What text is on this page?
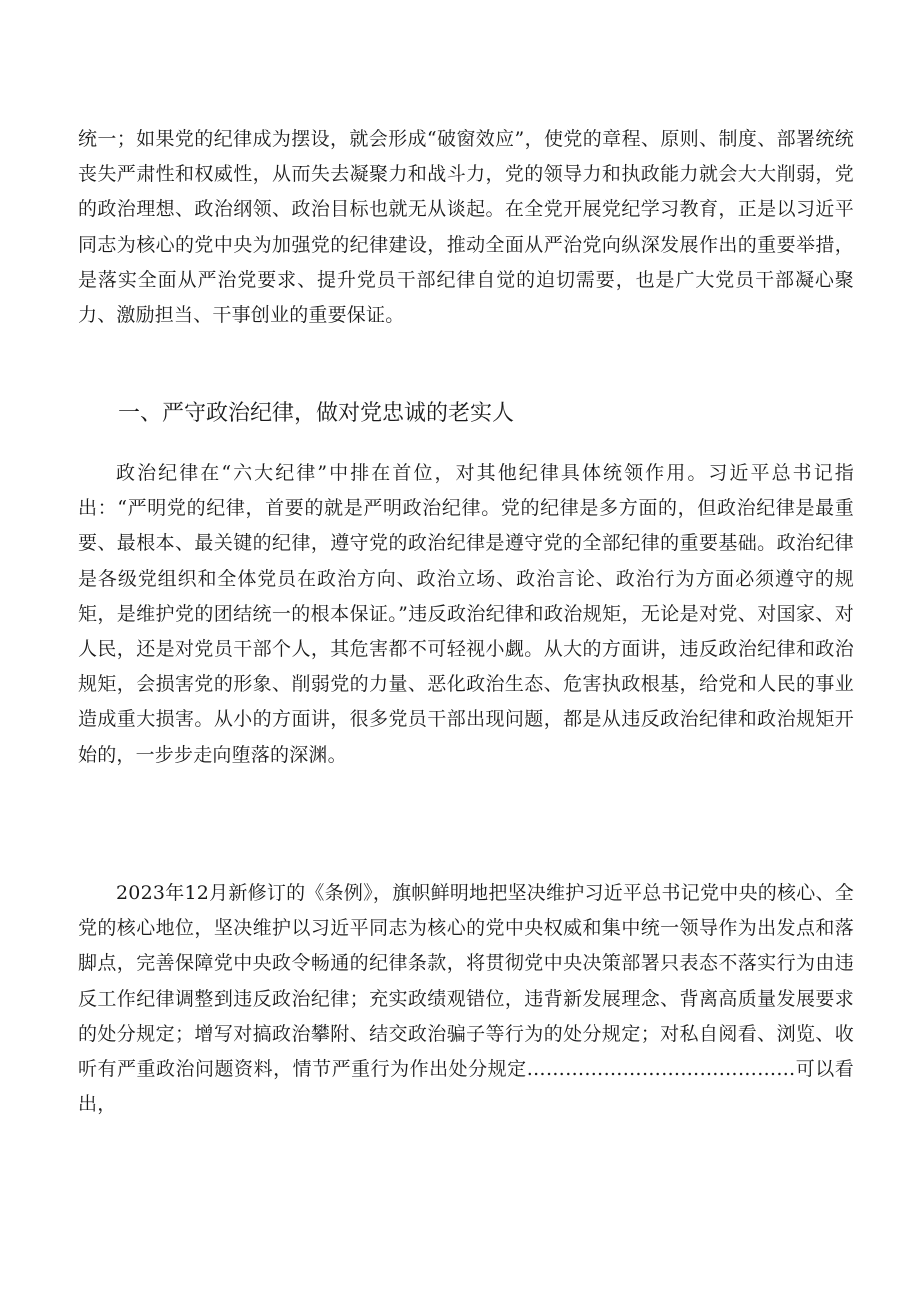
统一；如果党的纪律成为摆设，就会形成“破窗效应”，使党的章程、原则、制度、部署统统丧失严肃性和权威性，从而失去凝聚力和战斗力，党的领导力和执政能力就会大大削弱，党的政治理想、政治纲领、政治目标也就无从谈起。在全党开展党纪学习教育，正是以习近平同志为核心的党中央为加强党的纪律建设，推动全面从严治党向纵深发展作出的重要举措，是落实全面从严治党要求、提升党员干部纪律自觉的迫切需要，也是广大党员干部凝心聚力、激励担当、干事创业的重要保证。

一、严守政治纪律，做对党忠诚的老实人

政治纪律在“六大纪律”中排在首位，对其他纪律具体统领作用。习近平总书记指出：“严明党的纪律，首要的就是严明政治纪律。党的纪律是多方面的，但政治纪律是最重要、最根本、最关键的纪律，遵守党的政治纪律是遵守党的全部纪律的重要基础。政治纪律是各级党组织和全体党员在政治方向、政治立场、政治言论、政治行为方面必须遵守的规矩，是维护党的团结统一的根本保证。”违反政治纪律和政治规矩，无论是对党、对国家、对人民，还是对党员干部个人，其危害都不可轻视小觑。从大的方面讲，违反政治纪律和政治规矩，会损害党的形象、削弱党的力量、恶化政治生态、危害执政根基，给党和人民的事业造成重大损害。从小的方面讲，很多党员干部出现问题，都是从违反政治纪律和政治规矩开始的，一步步走向堕落的深渊。

2023年12月新修订的《条例》，旗帜鲜明地把坚决维护习近平总书记党中央的核心、全党的核心地位，坚决维护以习近平同志为核心的党中央权威和集中统一领导作为出发点和落脚点，完善保障党中央政令畅通的纪律条款，将贯彻党中央决策部署只表态不落实行为由违反工作纪律调整到违反政治纪律；充实政绩观错位，违背新发展理念、背离高质量发展要求的处分规定；增写对搞政治攀附、结交政治骗子等行为的处分规定；对私自阅看、浏览、收听有严重政治问题资料，情节严重行为作出处分规定……………………………………可以看出，
